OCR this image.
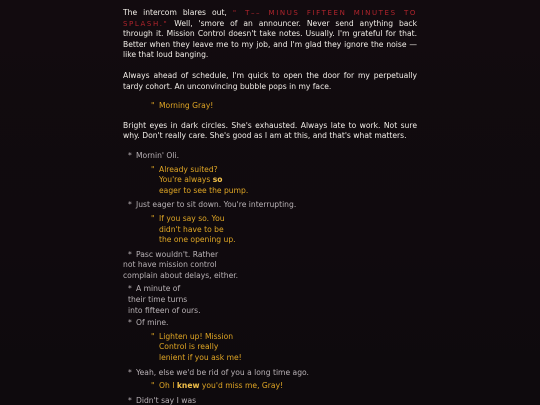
The intercom blares out, " T–– MINUS FIFTEEN MINUTES TO SPLASH." Well, 'smore of an announcer. Never send anything back through it. Mission Control doesn't take notes. Usually. I'm grateful for that. Better when they leave me to my job, and I'm glad they ignore the noise — like that loud banging.

Always ahead of schedule, I'm quick to open the door for my perpetually tardy cohort. An unconvincing bubble pops in my face.

" Morning Gray!

Bright eyes in dark circles. She's exhausted. Always late to work. Not sure why. Don't really care. She's good as I am at this, and that's what matters.

* Mornin' Oli.
" Already suited?
You're always so
eager to see the pump.
* Just eager to sit down. You're interrupting.
" If you say so. You
didn't have to be
the one opening up.
* Pasc wouldn't. Rather
not have mission control
complain about delays, either.
* A minute of
their time turns
into fifteen of ours.
* Of mine.
" Lighten up! Mission
Control is really
lenient if you ask me!
* Yeah, else we'd be rid of you a long time ago.
" Oh I knew you'd miss me, Gray!
* Didn't say I was
